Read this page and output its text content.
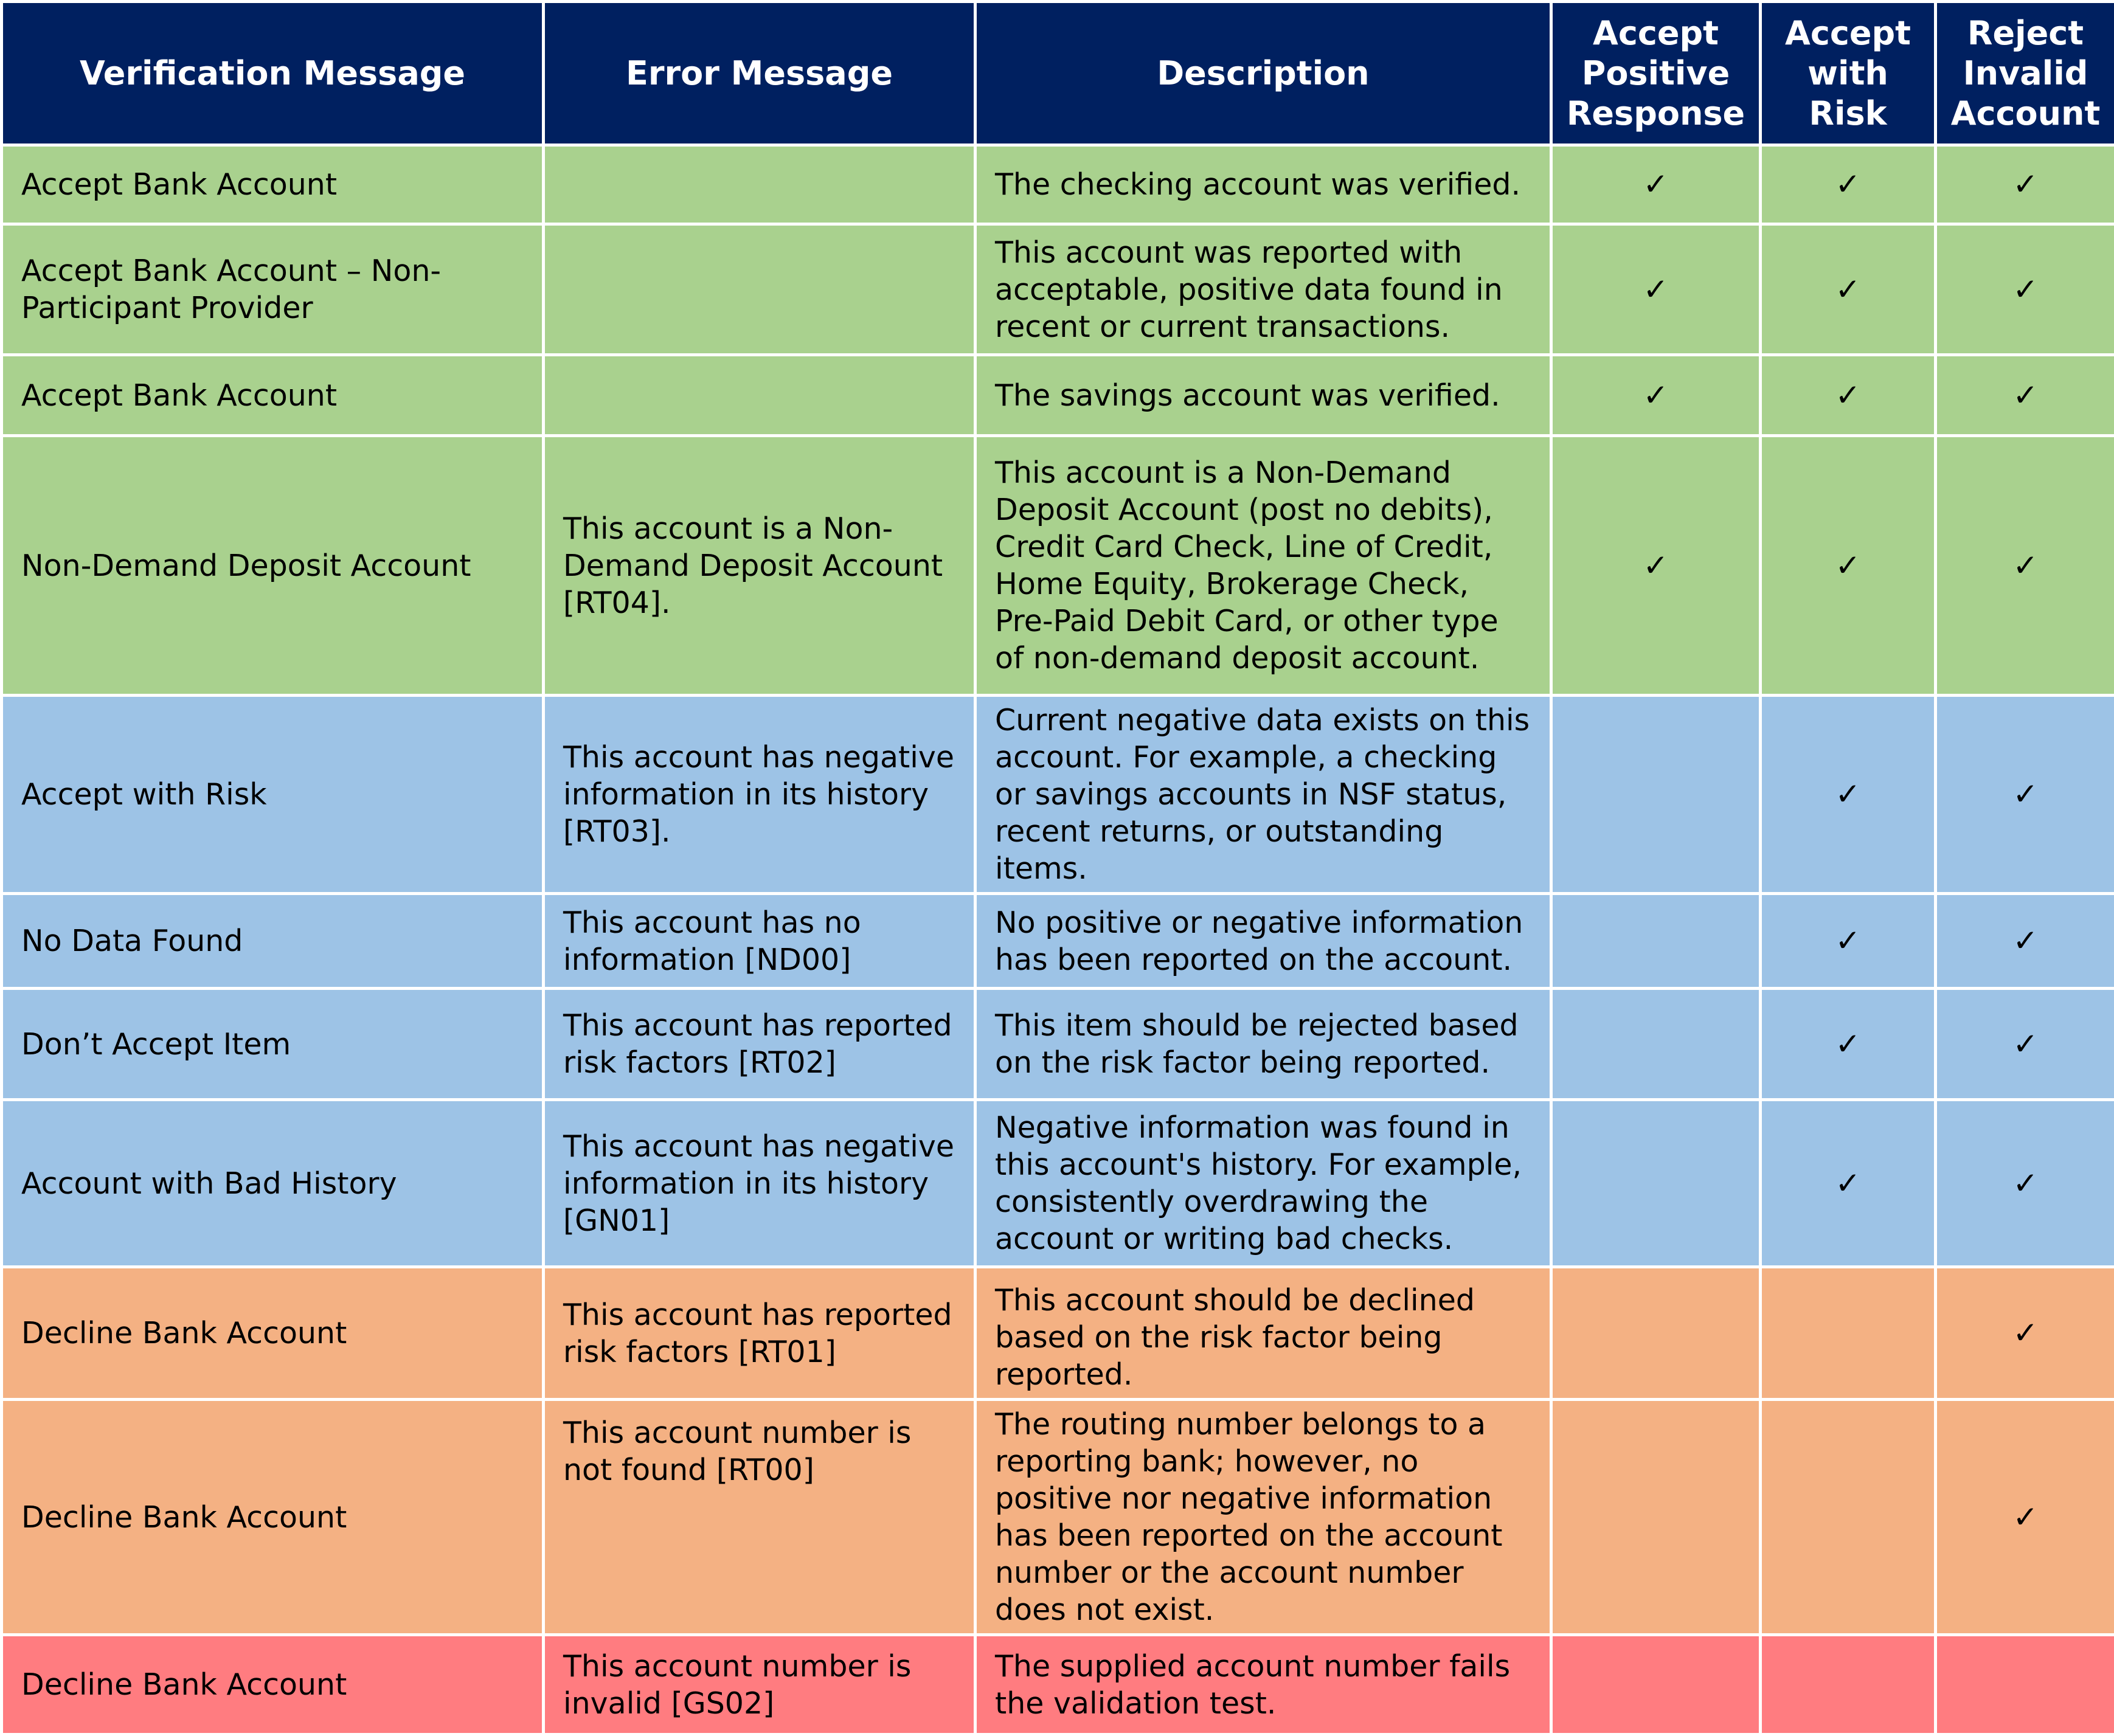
Verification Message	Error Message	Description	Accept Positive Response	Accept with Risk	Reject Invalid Account
Accept Bank Account		The checking account was verified.	✓	✓	✓
Accept Bank Account – Non-Participant Provider		This account was reported with acceptable, positive data found in recent or current transactions.	✓	✓	✓
Accept Bank Account		The savings account was verified.	✓	✓	✓
Non-Demand Deposit Account	This account is a Non-Demand Deposit Account [RT04].	This account is a Non-Demand Deposit Account (post no debits), Credit Card Check, Line of Credit, Home Equity, Brokerage Check, Pre-Paid Debit Card, or other type of non-demand deposit account.	✓	✓	✓
Accept with Risk	This account has negative information in its history [RT03].	Current negative data exists on this account. For example, a checking or savings accounts in NSF status, recent returns, or outstanding items.		✓	✓
No Data Found	This account has no information [ND00]	No positive or negative information has been reported on the account.		✓	✓
Don’t Accept Item	This account has reported risk factors [RT02]	This item should be rejected based on the risk factor being reported.		✓	✓
Account with Bad History	This account has negative information in its history [GN01]	Negative information was found in this account's history. For example, consistently overdrawing the account or writing bad checks.		✓	✓
Decline Bank Account	This account has reported risk factors [RT01]	This account should be declined based on the risk factor being reported.			✓
Decline Bank Account	This account number is not found [RT00]	The routing number belongs to a reporting bank; however, no positive nor negative information has been reported on the account number or the account number does not exist.			✓
Decline Bank Account	This account number is invalid [GS02]	The supplied account number fails the validation test.			
